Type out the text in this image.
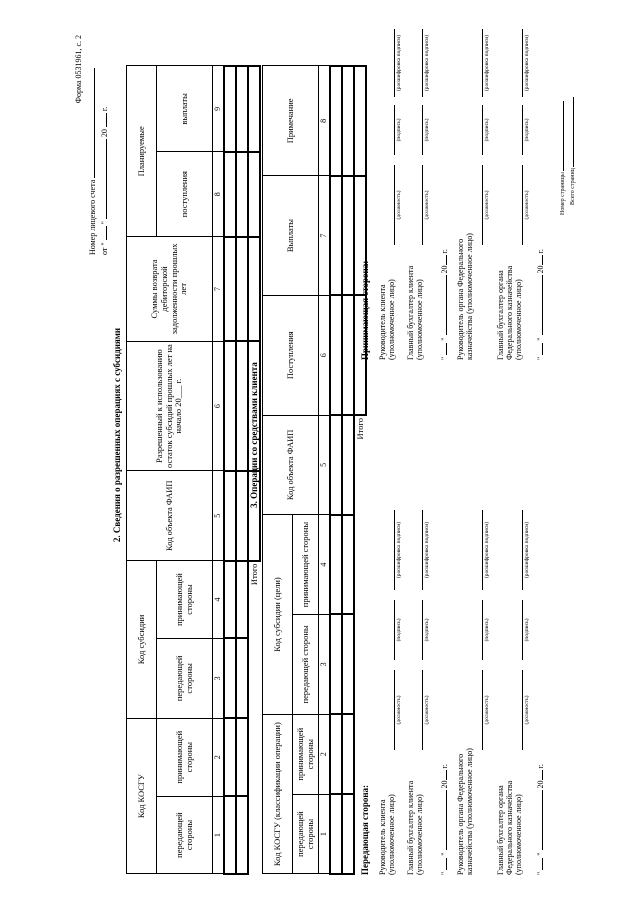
Форма 0531961, с. 2
Номер лицевого счета от "  "  20  г.
2. Сведения о разрешенных операциях с субсидиями
Код КОСГУ		Код субсидии		Код объекта ФАИП	Разрешенный к использованию остаток субсидий прошлых лет на начало 20___ г.	Суммы возврата дебиторской задолженности прошлых лет	Планируемые	
передающей стороны	принимающей стороны	передающей стороны	принимающей стороны				поступления	выплаты
1	2	3	4	5	6	7	8	9

Итого								
3. Операции со средствами клиента
Код КОСГУ (классификации операции)		Код субсидии (цели)		Код объекта ФАИП	Поступления	Выплаты	Примечание
передающей стороны	принимающей стороны	передающей стороны	принимающей стороны				
1	2	3	4	5	6	7	8

Итого							
Передающая сторона: Руководитель клиента (уполномоченное лицо)
(должность)
(подпись)
(расшифровка подписи)
Главный бухгалтер клиента (уполномоченное лицо)
(должность)
(подпись)
(расшифровка подписи)
"  "  20 г. Руководитель органа Федерального казначейства (уполномоченное лицо)
(должность)
(подпись)
(расшифровка подписи)
Главный бухгалтер органа Федерального казначейства (уполномоченное лицо)
(должность)
(подпись)
(расшифровка подписи)
"  "  20 г.
Принимающая сторона: Руководитель клиента (уполномоченное лицо)
(должность)
(подпись)
(расшифровка подписи)
Главный бухгалтер клиента (уполномоченное лицо)
(должность)
(подпись)
(расшифровка подписи)
"  "  20 г. Руководитель органа Федерального казначейства (уполномоченное лицо)
(должность)
(подпись)
(расшифровка подписи)
Главный бухгалтер органа Федерального казначейства (уполномоченное лицо)
(должность)
(подпись)
(расшифровка подписи)
"  "  20 г.
Номер страницы Всего страниц
